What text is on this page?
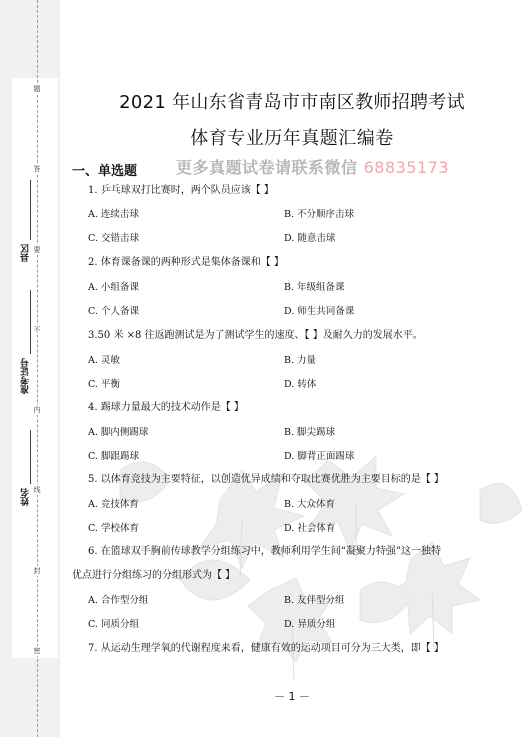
题
答
要
不
内
线
封
密
县区
准考证号
姓名
2021 年山东省青岛市市南区教师招聘考试
体育专业历年真题汇编卷
一、单选题 更多真题试卷请联系微信 68835173
1. 乒乓球双打比赛时，两个队员应该【 】
A. 连续击球	B. 不分顺序击球
C. 交错击球	D. 随意击球
2. 体育课备课的两种形式是集体备课和【 】
A. 小组备课	B. 年级组备课
C. 个人备课	D. 师生共同备课
3.50 米 ×8 往返跑测试是为了测试学生的速度、【 】及耐久力的发展水平。
A. 灵敏	B. 力量
C. 平衡	D. 转体
4. 踢球力量最大的技术动作是【 】
A. 脚内侧踢球	B. 脚尖踢球
C. 脚跟踢球	D. 脚背正面踢球
5. 以体育竞技为主要特征，以创造优异成绩和夺取比赛优胜为主要目标的是【 】
A. 竞技体育	B. 大众体育
C. 学校体育	D. 社会体育
6. 在篮球双手胸前传球教学分组练习中，教师利用学生间“凝聚力特强”这一独特
优点进行分组练习的分组形式为【 】
A. 合作型分组	B. 友伴型分组
C. 同质分组	D. 异质分组
7. 从运动生理学氧的代谢程度来看，健康有效的运动项目可分为三大类，即【 】
－ 1 －
